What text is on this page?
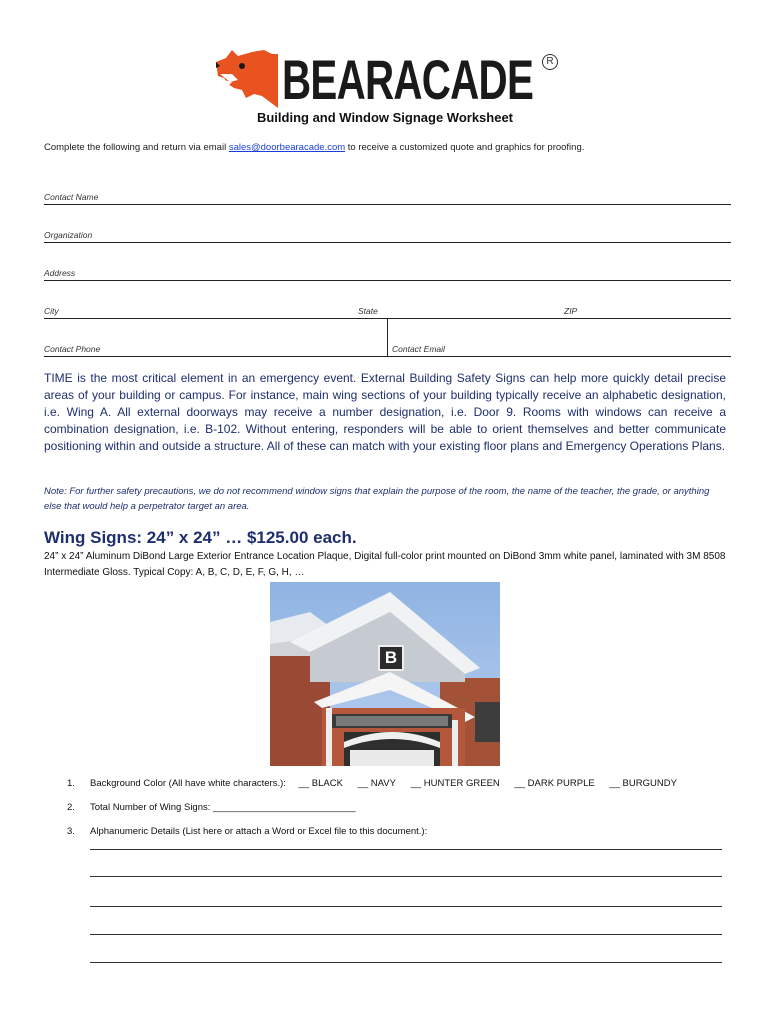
BEARACADE	R
Building and Window Signage Worksheet
Complete the following and return via email sales@doorbearacade.com to receive a customized quote and graphics for proofing.
Contact Name
Organization
Address
City	State	ZIP
Contact Phone	Contact Email
TIME is the most critical element in an emergency event. External Building Safety Signs can help more quickly detail precise areas of your building or campus. For instance, main wing sections of your building typically receive an alphabetic designation, i.e. Wing A. All external doorways may receive a number designation, i.e. Door 9. Rooms with windows can receive a combination designation, i.e. B-102. Without entering, responders will be able to orient themselves and better communicate positioning within and outside a structure. All of these can match with your existing floor plans and Emergency Operations Plans.
Note: For further safety precautions, we do not recommend window signs that explain the purpose of the room, the name of the teacher, the grade, or anything else that would help a perpetrator target an area.
Wing Signs: 24” x 24” … $125.00 each.
24” x 24” Aluminum DiBond Large Exterior Entrance Location Plaque, Digital full-color print mounted on DiBond 3mm white panel, laminated with 3M 8508 Intermediate Gloss. Typical Copy: A, B, C, D, E, F, G, H, …
B
1. Background Color (All have white characters.): __ BLACK __ NAVY __ HUNTER GREEN __ DARK PURPLE __ BURGUNDY
2. Total Number of Wing Signs: ___________________________
3. Alphanumeric Details (List here or attach a Word or Excel file to this document.):
